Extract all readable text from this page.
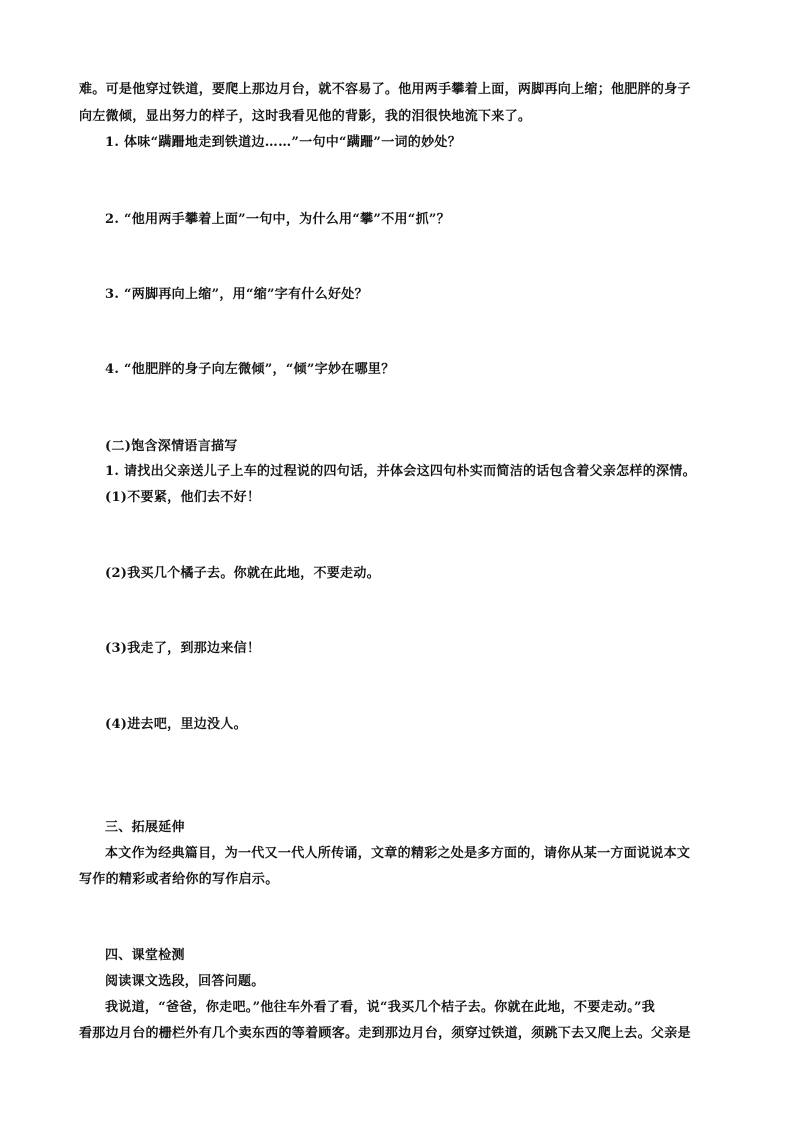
难。可是他穿过铁道，要爬上那边月台，就不容易了。他用两手攀着上面，两脚再向上缩；他肥胖的身子
向左微倾，显出努力的样子，这时我看见他的背影，我的泪很快地流下来了。
1. 体味“蹒跚地走到铁道边……”一句中“蹒跚”一词的妙处？
2. “他用两手攀着上面”一句中，为什么用“攀”不用“抓”？
3. “两脚再向上缩”，用“缩”字有什么好处？
4. “他肥胖的身子向左微倾”，“倾”字妙在哪里？
(二)饱含深情语言描写
1. 请找出父亲送儿子上车的过程说的四句话，并体会这四句朴实而简洁的话包含着父亲怎样的深情。
(1)不要紧，他们去不好！
(2)我买几个橘子去。你就在此地，不要走动。
(3)我走了，到那边来信！
(4)进去吧，里边没人。
三、拓展延伸
本文作为经典篇目，为一代又一代人所传诵，文章的精彩之处是多方面的，请你从某一方面说说本文
写作的精彩或者给你的写作启示。
四、课堂检测
阅读课文选段，回答问题。
我说道，“爸爸，你走吧。”他往车外看了看，说“我买几个桔子去。你就在此地，不要走动。”我
看那边月台的栅栏外有几个卖东西的等着顾客。走到那边月台，须穿过铁道，须跳下去又爬上去。父亲是
